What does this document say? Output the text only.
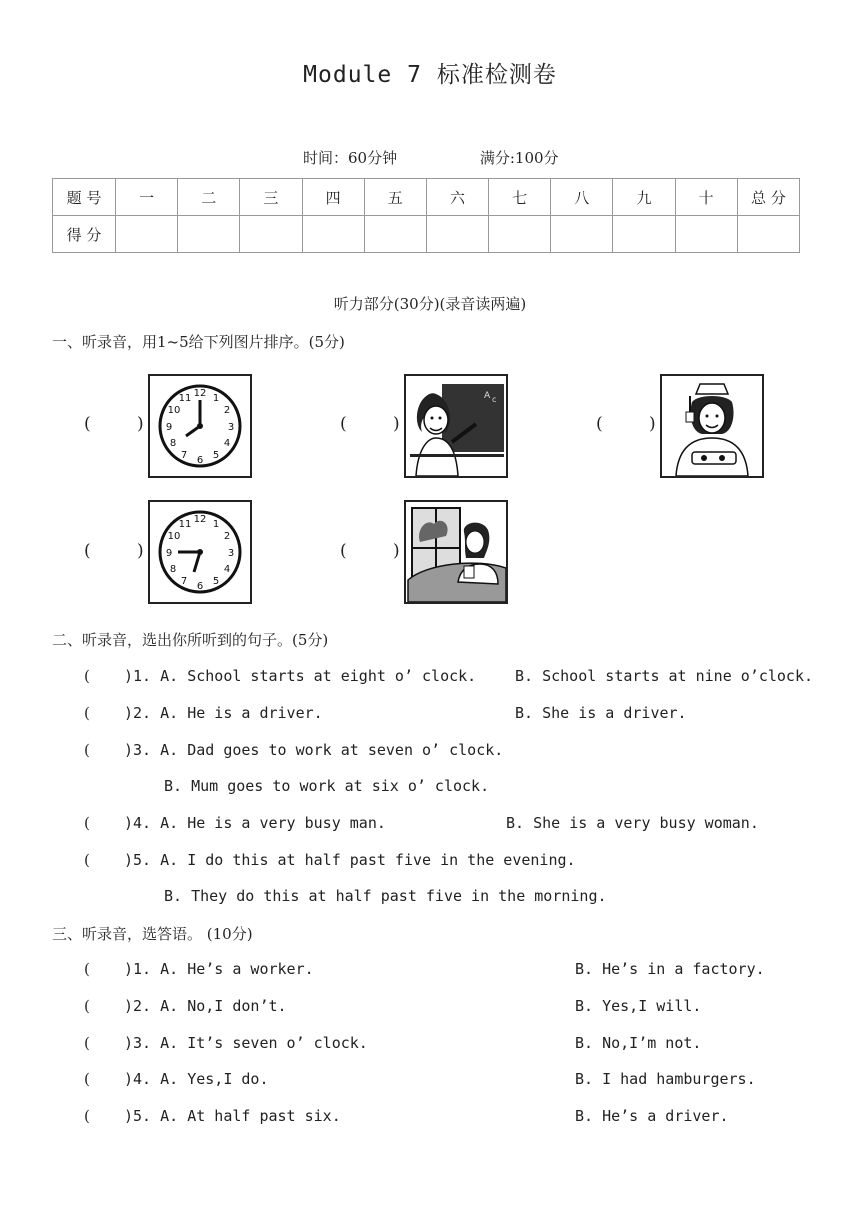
Module 7 标准检测卷
时间：60分钟	满分:100分
题 号	一	二	三	四	五	六	七	八	九	十	总 分
得 分											
听力部分(30分)(录音读两遍)
一、听录音，用1~5给下列图片排序。(5分)
(	)
12 1
2
3
4
5
6
7
8
9
10
11
(	)
A c
(	)
(	)
12 1
2
3
4
5
6
7
8
9
10
11
(	)
二、听录音，选出你所听到的句子。(5分)
( )1. A. School starts at eight o’ clock.	B. School starts at nine o’clock.
( )2. A. He is a driver.	B. She is a driver.
( )3. A. Dad goes to work at seven o’ clock.
B. Mum goes to work at six o’ clock.
( )4. A. He is a very busy man.	B. She is a very busy woman.
( )5. A. I do this at half past five in the evening.
B. They do this at half past five in the morning.
三、听录音，选答语。 (10分)
( )1. A. He’s a worker.	B. He’s in a factory.
( )2. A. No,I don’t.	B. Yes,I will.
( )3. A. It’s seven o’ clock.	B. No,I’m not.
( )4. A. Yes,I do.	B. I had hamburgers.
( )5. A. At half past six.	B. He’s a driver.
